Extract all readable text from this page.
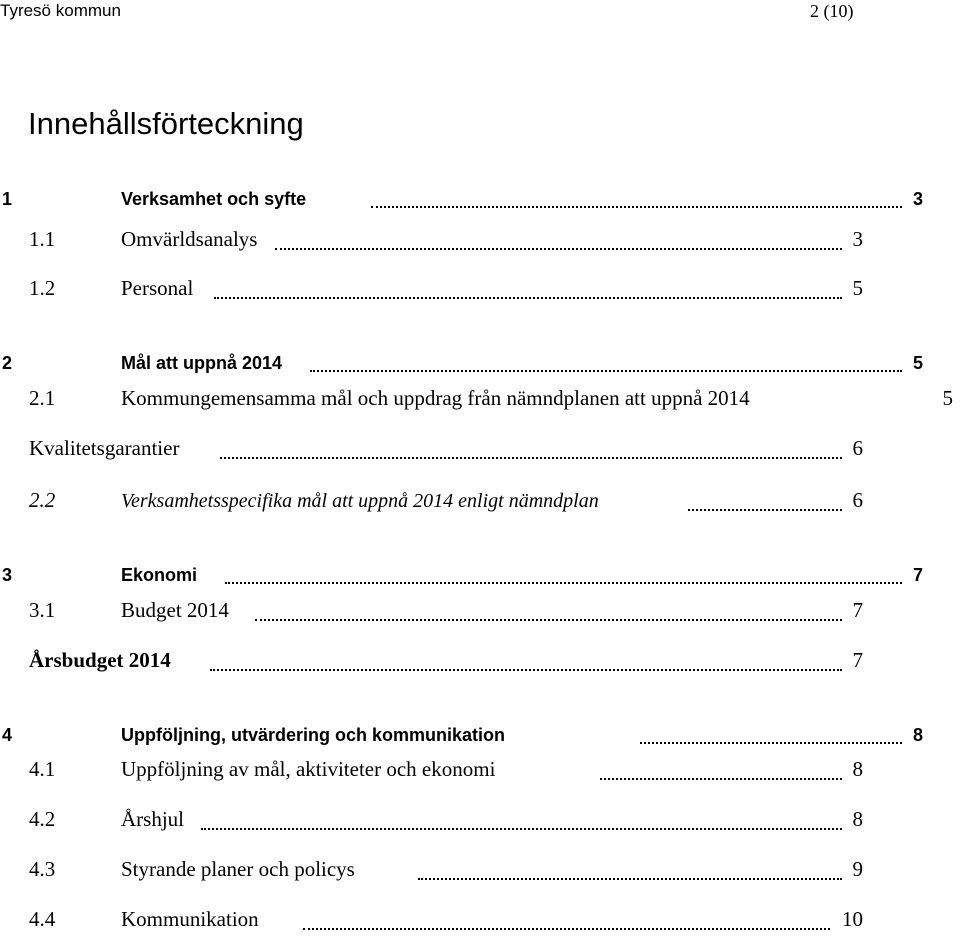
Tyresö kommun	2 (10)
Innehållsförteckning
1	Verksamhet och syfte	3
1.1	Omvärldsanalys	3
1.2	Personal	5
2	Mål att uppnå 2014	5
2.1	Kommungemensamma mål och uppdrag från nämndplanen att uppnå 2014	5
Kvalitetsgarantier	6
2.2	Verksamhetsspecifika mål att uppnå 2014 enligt nämndplan	6
3	Ekonomi	7
3.1	Budget 2014	7
Årsbudget 2014	7
4	Uppföljning, utvärdering och kommunikation	8
4.1	Uppföljning av mål, aktiviteter och ekonomi	8
4.2	Årshjul	8
4.3	Styrande planer och policys	9
4.4	Kommunikation	10
